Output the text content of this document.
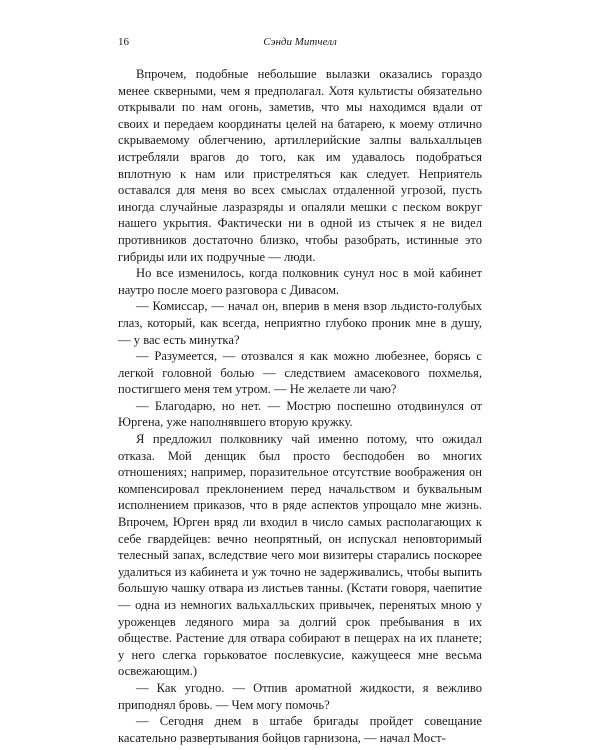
16	Сэнди Митчелл

Впрочем, подобные небольшие вылазки оказались гораздо менее скверными, чем я предполагал. Хотя культисты обязательно открывали по нам огонь, заметив, что мы находимся вдали от своих и передаем координаты целей на батарею, к моему отлично скрываемому облегчению, артиллерийские залпы вальхалльцев истребляли врагов до того, как им удавалось подобраться вплотную к нам или пристреляться как следует. Неприятель оставался для меня во всех смыслах отдаленной угрозой, пусть иногда случайные лазразряды и опаляли мешки с песком вокруг нашего укрытия. Фактически ни в одной из стычек я не видел противников достаточно близко, чтобы разобрать, истинные это гибриды или их подручные — люди.

Но все изменилось, когда полковник сунул нос в мой кабинет наутро после моего разговора с Дивасом.

— Комиссар, — начал он, вперив в меня взор льдисто-голубых глаз, который, как всегда, неприятно глубоко проник мне в душу, — у вас есть минутка?

— Разумеется, — отозвался я как можно любезнее, борясь с легкой головной болью — следствием амасекового похмелья, постигшего меня тем утром. — Не желаете ли чаю?

— Благодарю, но нет. — Мострю поспешно отодвинулся от Юргена, уже наполнявшего вторую кружку.

Я предложил полковнику чай именно потому, что ожидал отказа. Мой денщик был просто бесподобен во многих отношениях; например, поразительное отсутствие воображения он компенсировал преклонением перед начальством и буквальным исполнением приказов, что в ряде аспектов упрощало мне жизнь. Впрочем, Юрген вряд ли входил в число самых располагающих к себе гвардейцев: вечно неопрятный, он испускал неповторимый телесный запах, вследствие чего мои визитеры старались поскорее удалиться из кабинета и уж точно не задерживались, чтобы выпить большую чашку отвара из листьев танны. (Кстати говоря, чаепитие — одна из немногих вальхалльских привычек, перенятых мною у уроженцев ледяного мира за долгий срок пребывания в их обществе. Растение для отвара собирают в пещерах на их планете; у него слегка горьковатое послевкусие, кажущееся мне весьма освежающим.)

— Как угодно. — Отпив ароматной жидкости, я вежливо приподнял бровь. — Чем могу помочь?

— Сегодня днем в штабе бригады пройдет совещание касательно развертывания бойцов гарнизона, — начал Мост-
